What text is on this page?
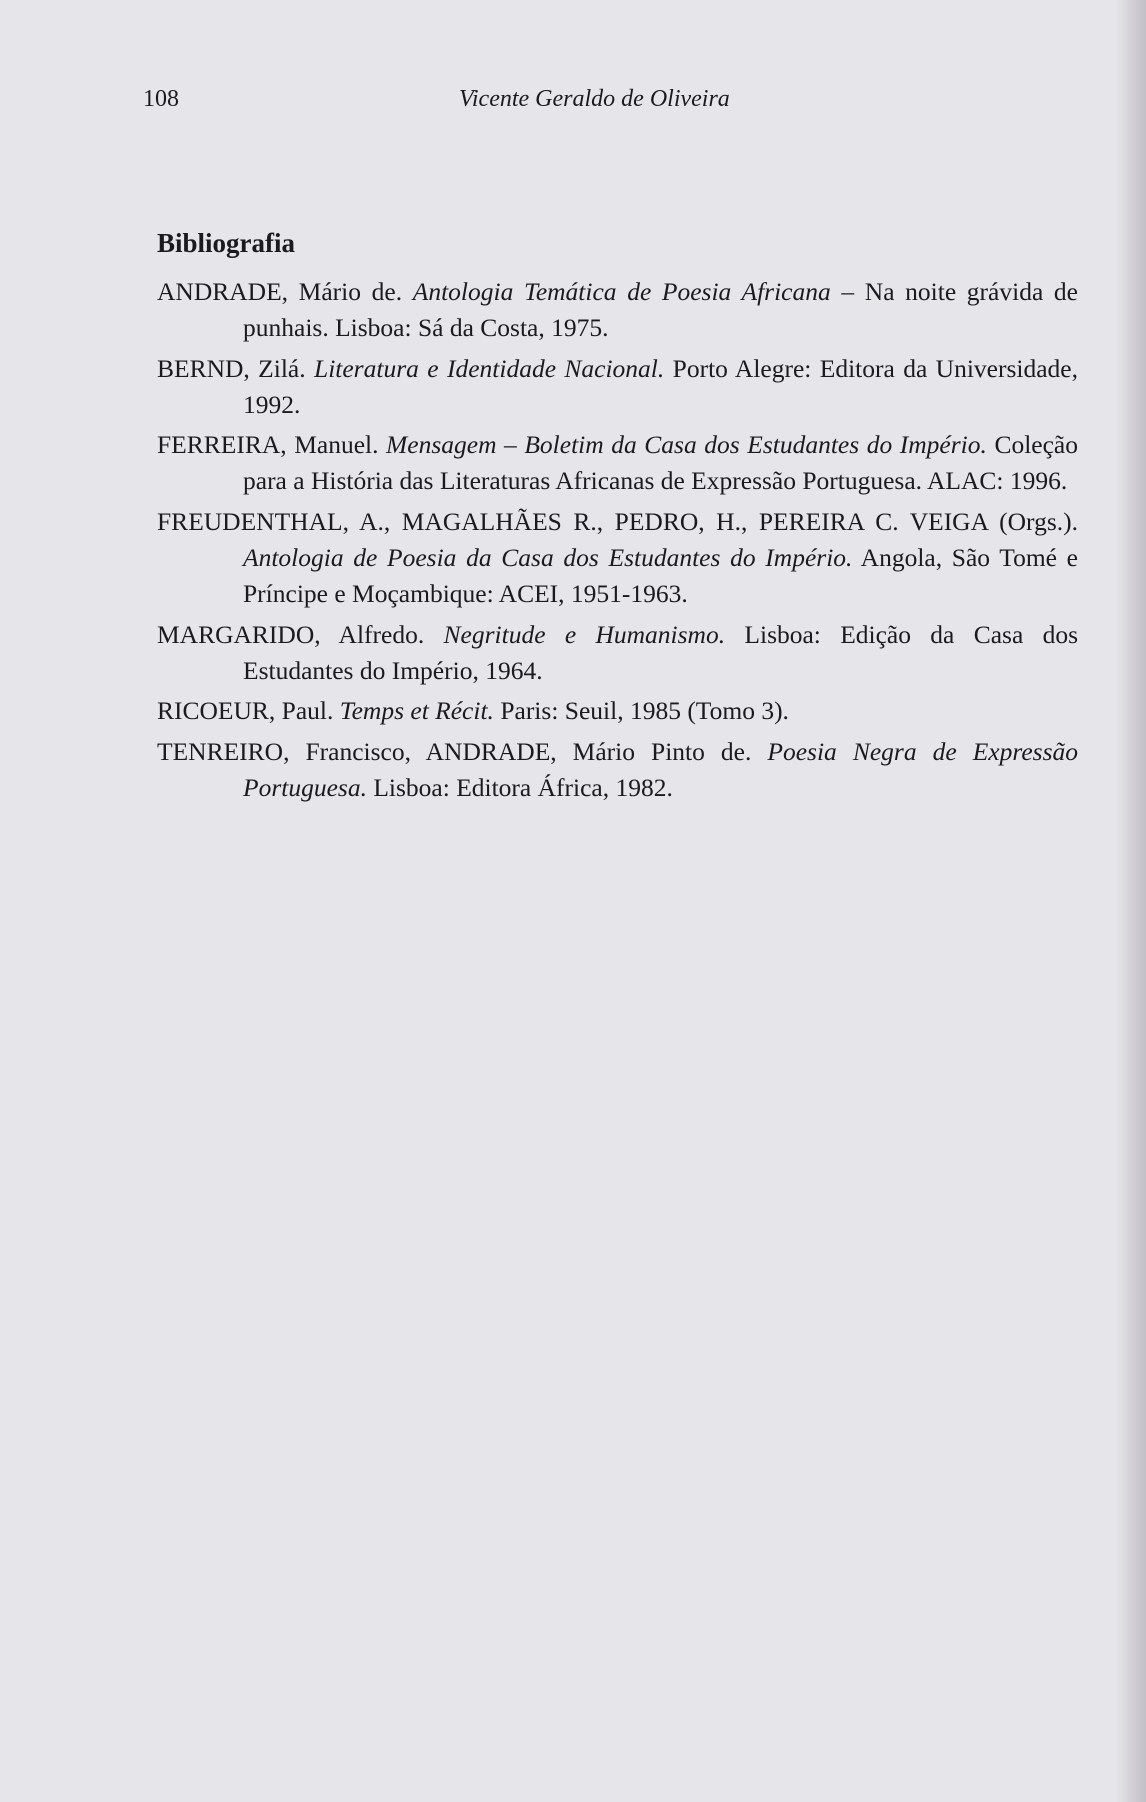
108	Vicente Geraldo de Oliveira
Bibliografia

ANDRADE, Mário de. Antologia Temática de Poesia Africana – Na noite grávida de punhais. Lisboa: Sá da Costa, 1975.

BERND, Zilá. Literatura e Identidade Nacional. Porto Alegre: Editora da Universidade, 1992.

FERREIRA, Manuel. Mensagem – Boletim da Casa dos Estudantes do Império. Coleção para a História das Literaturas Africanas de Expressão Portuguesa. ALAC: 1996.

FREUDENTHAL, A., MAGALHÃES R., PEDRO, H., PEREIRA C. VEIGA (Orgs.). Antologia de Poesia da Casa dos Estudantes do Império. Angola, São Tomé e Príncipe e Moçambique: ACEI, 1951-1963.

MARGARIDO, Alfredo. Negritude e Humanismo. Lisboa: Edição da Casa dos Estudantes do Império, 1964.

RICOEUR, Paul. Temps et Récit. Paris: Seuil, 1985 (Tomo 3).

TENREIRO, Francisco, ANDRADE, Mário Pinto de. Poesia Negra de Expressão Portuguesa. Lisboa: Editora África, 1982.
